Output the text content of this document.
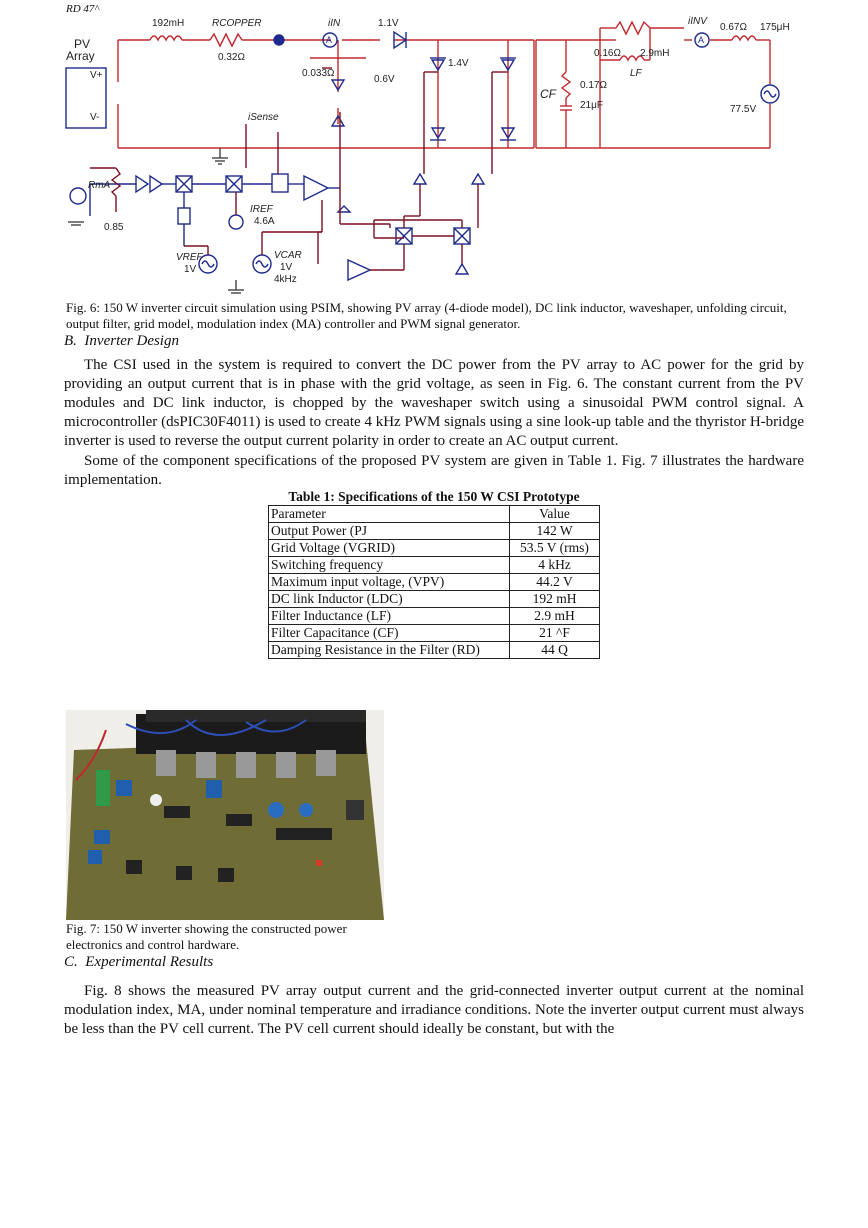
RD 47^
A	A
192mH	RCOPPER
0.32Ω
iIN	1.1V
PV
Array
V+
V-
0.033Ω
0.6V
1.4V
iSense
CF
0.17Ω
21μF
0.16Ω 2.9mH
LF
iINV
0.67Ω 175μH
77.5V
RmA
0.85
IREF
4.6A
VREF
1V
VCAR
1V
4kHz
Fig. 6: 150 W inverter circuit simulation using PSIM, showing PV array (4-diode model), DC link inductor, waveshaper, unfolding circuit, output filter, grid model, modulation index (MA) controller and PWM signal generator.
B. Inverter Design
The CSI used in the system is required to convert the DC power from the PV array to AC power for the grid by providing an output current that is in phase with the grid voltage, as seen in Fig. 6. The constant current from the PV modules and DC link inductor, is chopped by the waveshaper switch using a sinusoidal PWM control signal. A microcontroller (dsPIC30F4011) is used to create 4 kHz PWM signals using a sine look-up table and the thyristor H-bridge inverter is used to reverse the output current polarity in order to create an AC output current.
Some of the component specifications of the proposed PV system are given in Table 1. Fig. 7 illustrates the hardware implementation.
Table 1: Specifications of the 150 W CSI Prototype
Parameter	Value
Output Power (PJ	142 W
Grid Voltage (VGRID)	53.5 V (rms)
Switching frequency	4 kHz
Maximum input voltage, (VPV)	44.2 V
DC link Inductor (LDC)	192 mH
Filter Inductance (LF)	2.9 mH
Filter Capacitance (CF)	21 ^F
Damping Resistance in the Filter (RD)	44 Q
Fig. 7: 150 W inverter showing the constructed power electronics and control hardware.
C. Experimental Results
Fig. 8 shows the measured PV array output current and the grid-connected inverter output current at the nominal modulation index, MA, under nominal temperature and irradiance conditions. Note the inverter output current must always be less than the PV cell current. The PV cell current should ideally be constant, but with the
